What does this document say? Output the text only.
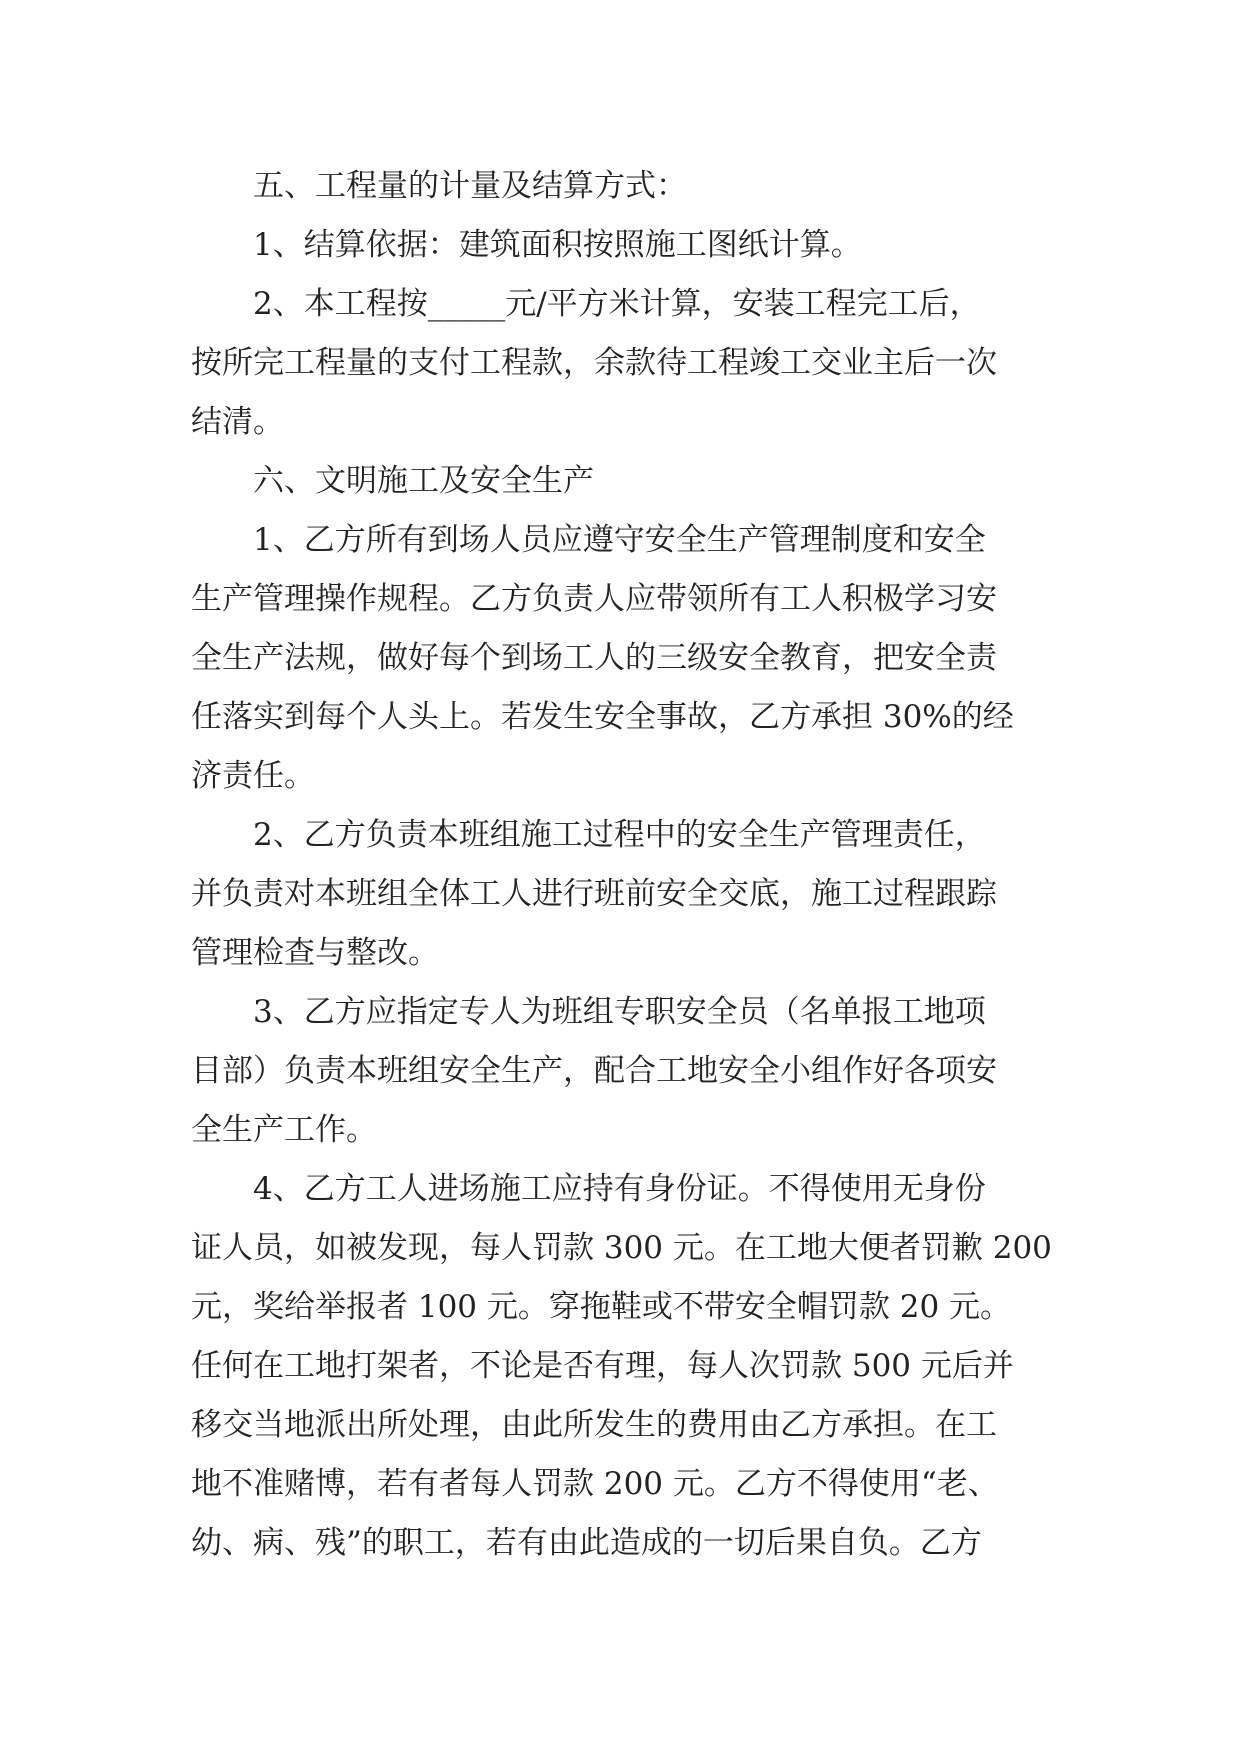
五、工程量的计量及结算方式：

1、结算依据：建筑面积按照施工图纸计算。

2、本工程按_____元/平方米计算，安装工程完工后，

按所完工程量的支付工程款，余款待工程竣工交业主后一次

结清。

六、文明施工及安全生产

1、乙方所有到场人员应遵守安全生产管理制度和安全

生产管理操作规程。乙方负责人应带领所有工人积极学习安

全生产法规，做好每个到场工人的三级安全教育，把安全责

任落实到每个人头上。若发生安全事故，乙方承担 30%的经

济责任。

2、乙方负责本班组施工过程中的安全生产管理责任，

并负责对本班组全体工人进行班前安全交底，施工过程跟踪

管理检查与整改。

3、乙方应指定专人为班组专职安全员（名单报工地项

目部）负责本班组安全生产，配合工地安全小组作好各项安

全生产工作。

4、乙方工人进场施工应持有身份证。不得使用无身份

证人员，如被发现，每人罚款 300 元。在工地大便者罚歉 200

元，奖给举报者 100 元。穿拖鞋或不带安全帽罚款 20 元。

任何在工地打架者，不论是否有理，每人次罚款 500 元后并

移交当地派出所处理，由此所发生的费用由乙方承担。在工

地不准赌博，若有者每人罚款 200 元。乙方不得使用“老、

幼、病、残”的职工，若有由此造成的一切后果自负。乙方
